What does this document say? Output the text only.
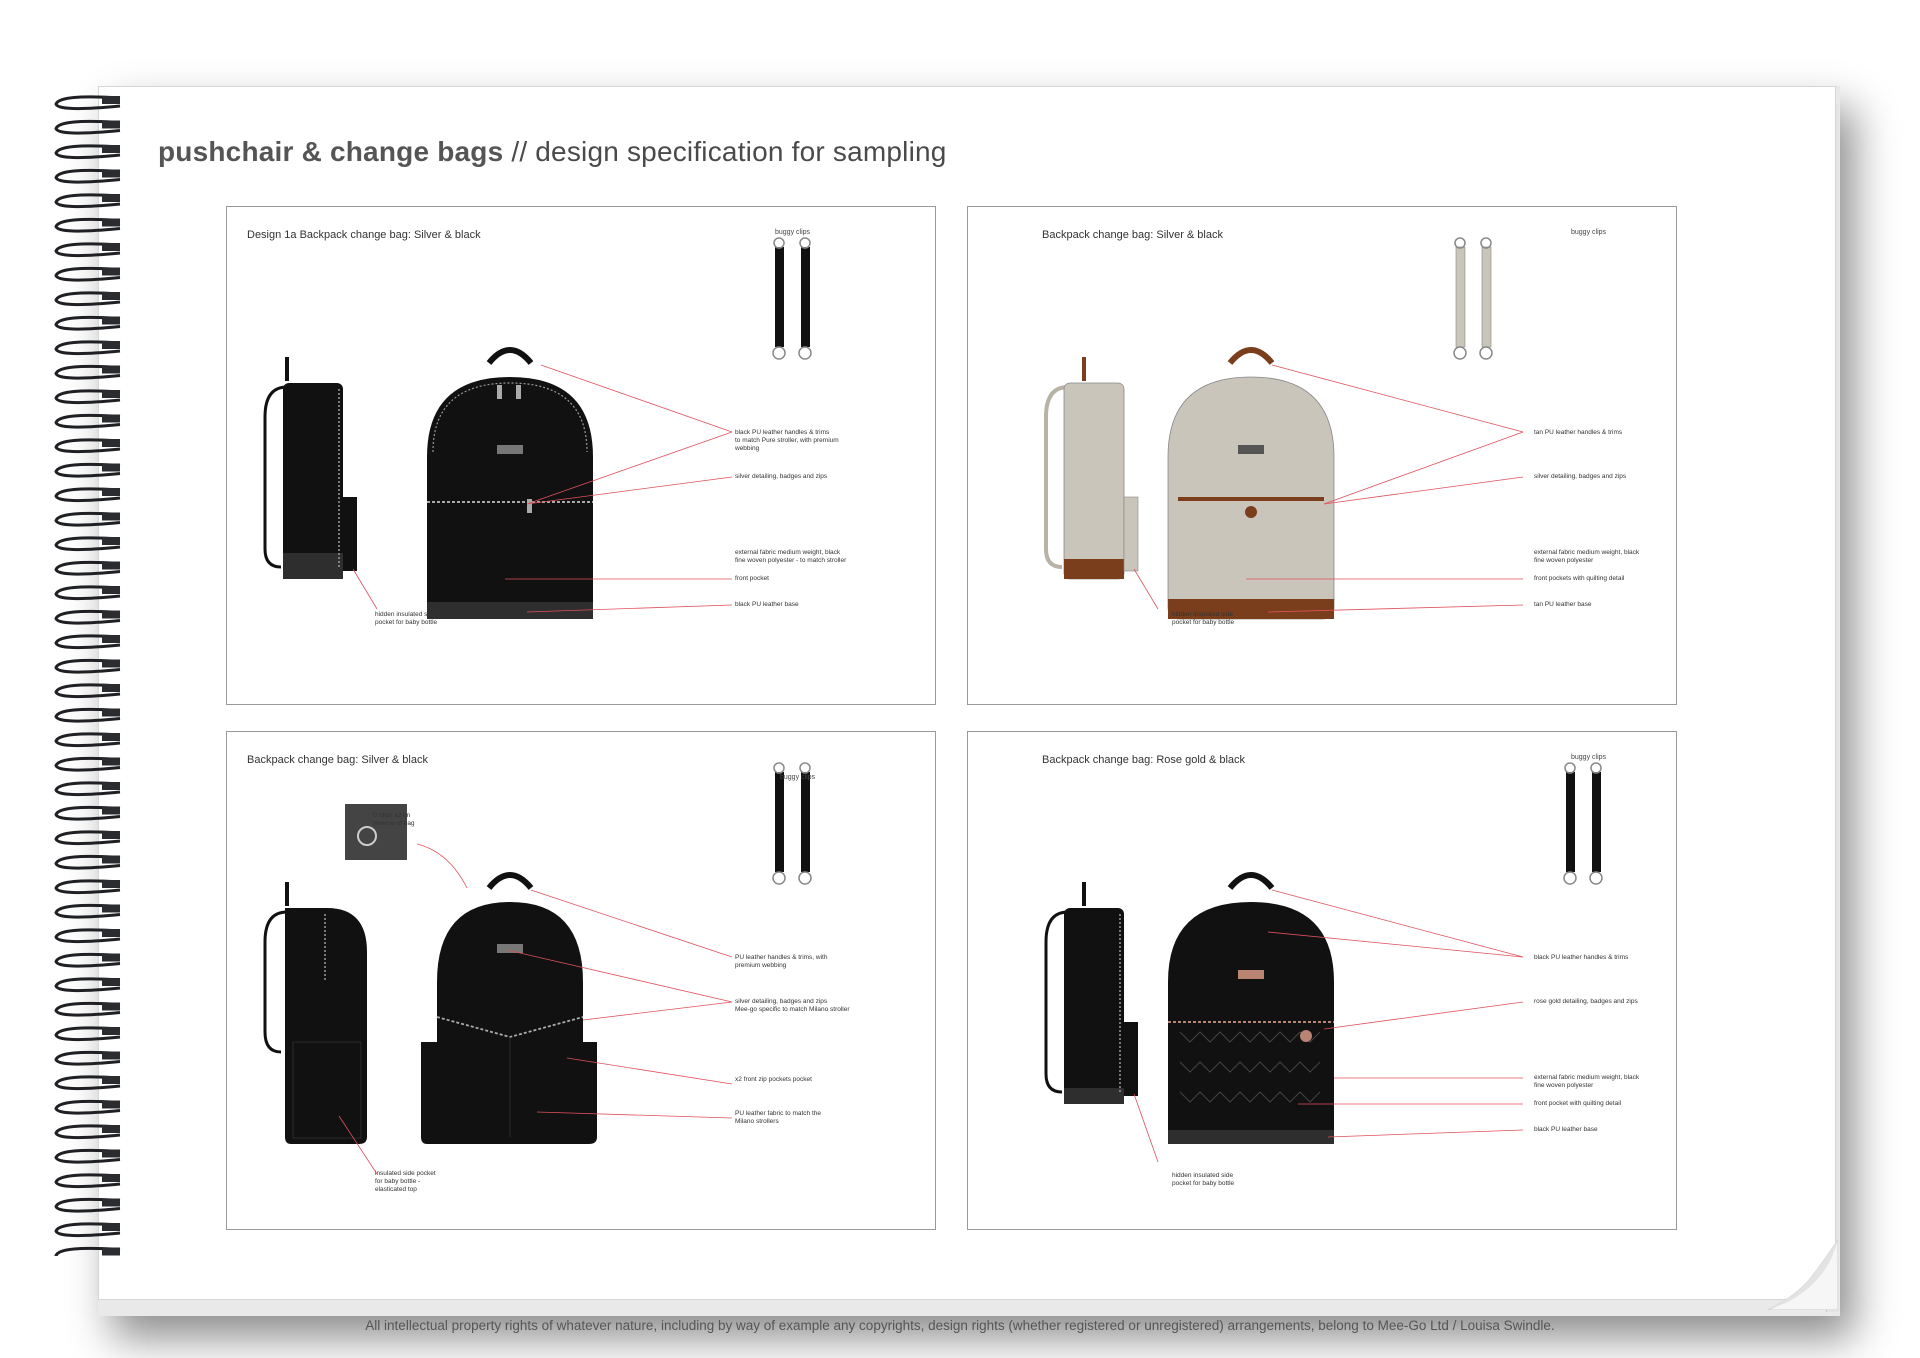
pushchair & change bags // design specification for sampling
Design 1a Backpack change bag: Silver & black	buggy clips
black PU leather handles & trims
to match Pure stroller, with premium
webbing
silver detailing, badges and zips
external fabric medium weight, black
fine woven polyester - to match stroller
front pocket
black PU leather base
hidden insulated side
pocket for baby bottle
Backpack change bag: Silver & black	buggy clips
tan PU leather handles & trims
silver detailing, badges and zips
external fabric medium weight, black
fine woven polyester
front pockets with quilting detail
tan PU leather base
hidden insulated side
pocket for baby bottle
Backpack change bag: Silver & black
D clips x2 on
reverse of bag
buggy clips
PU leather handles & trims, with
premium webbing
silver detailing, badges and zips
Mee-go specific to match Milano stroller
x2 front zip pockets pocket
PU leather fabric to match the
Milano strollers
insulated side pocket
for baby bottle -
elasticated top
Backpack change bag: Rose gold & black	buggy clips
black PU leather handles & trims
rose gold detailing, badges and zips
external fabric medium weight, black
fine woven polyester
front pocket with quilting detail
black PU leather base
hidden insulated side
pocket for baby bottle
All intellectual property rights of whatever nature, including by way of example any copyrights, design rights (whether registered or unregistered) arrangements, belong to Mee-Go Ltd / Louisa Swindle.
